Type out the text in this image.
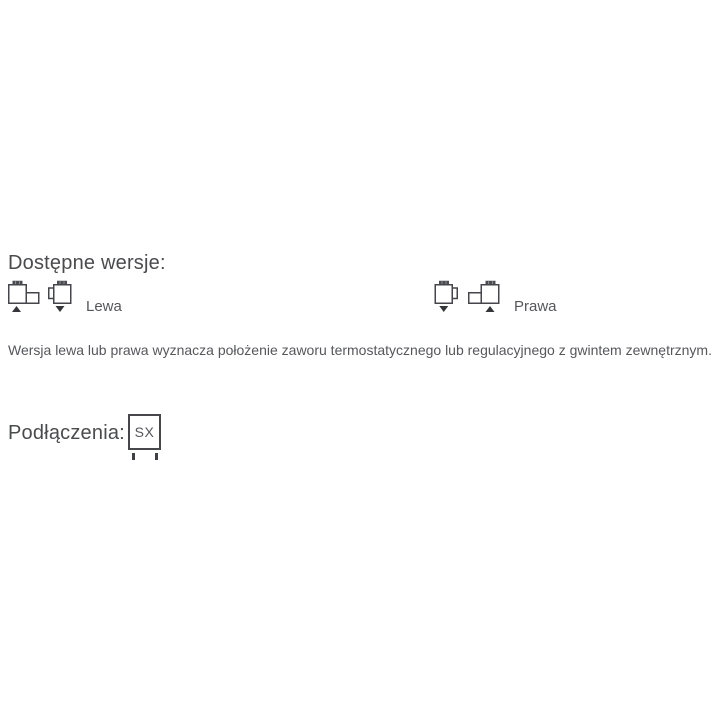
Dostępne wersje:
Lewa	Prawa

Wersja lewa lub prawa wyznacza położenie zaworu termostatycznego lub regulacyjnego z gwintem zewnętrznym.

Podłączenia: SX
